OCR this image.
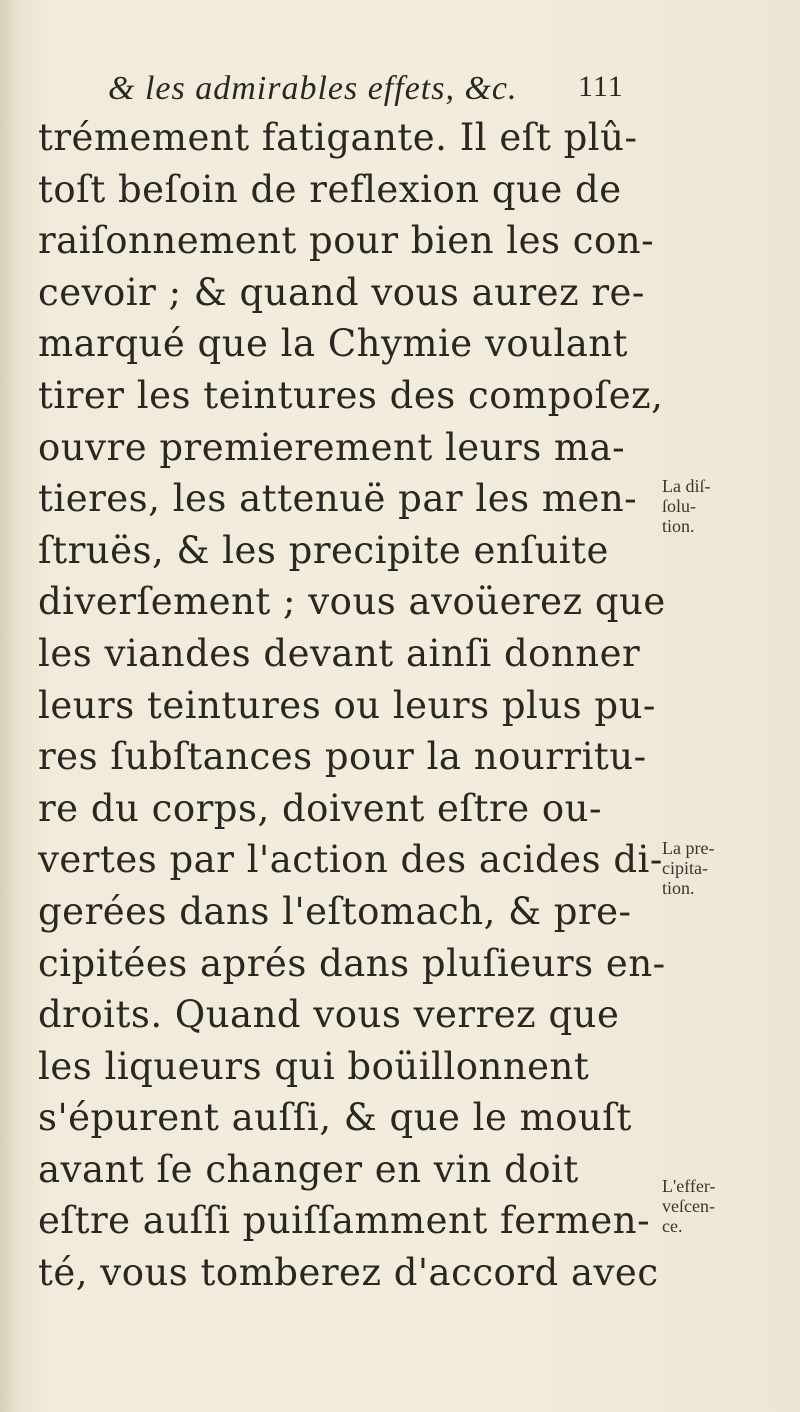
& les admirables effets, &c. 111
trémement fatigante. Il eſt plû-
toſt beſoin de reflexion que de
raiſonnement pour bien les con-
cevoir ; & quand vous aurez re-
marqué que la Chymie voulant
tirer les teintures des compoſez,
ouvre premierement leurs ma-
tieres, les attenuë par les men-
ſtruës, & les precipite enſuite
diverſement ; vous avoüerez que
les viandes devant ainſi donner
leurs teintures ou leurs plus pu-
res ſubſtances pour la nourritu-
re du corps, doivent eſtre ou-
vertes par l'action des acides di-
gerées dans l'eſtomach, & pre-
cipitées aprés dans pluſieurs en-
droits. Quand vous verrez que
les liqueurs qui boüillonnent
s'épurent auſſi, & que le mouſt
avant ſe changer en vin doit
eſtre auſſi puiſſamment fermen-
té, vous tomberez d'accord avec
La diſ-
ſolu-
tion.
La pre-
cipita-
tion.
L'effer-
veſcen-
ce.
